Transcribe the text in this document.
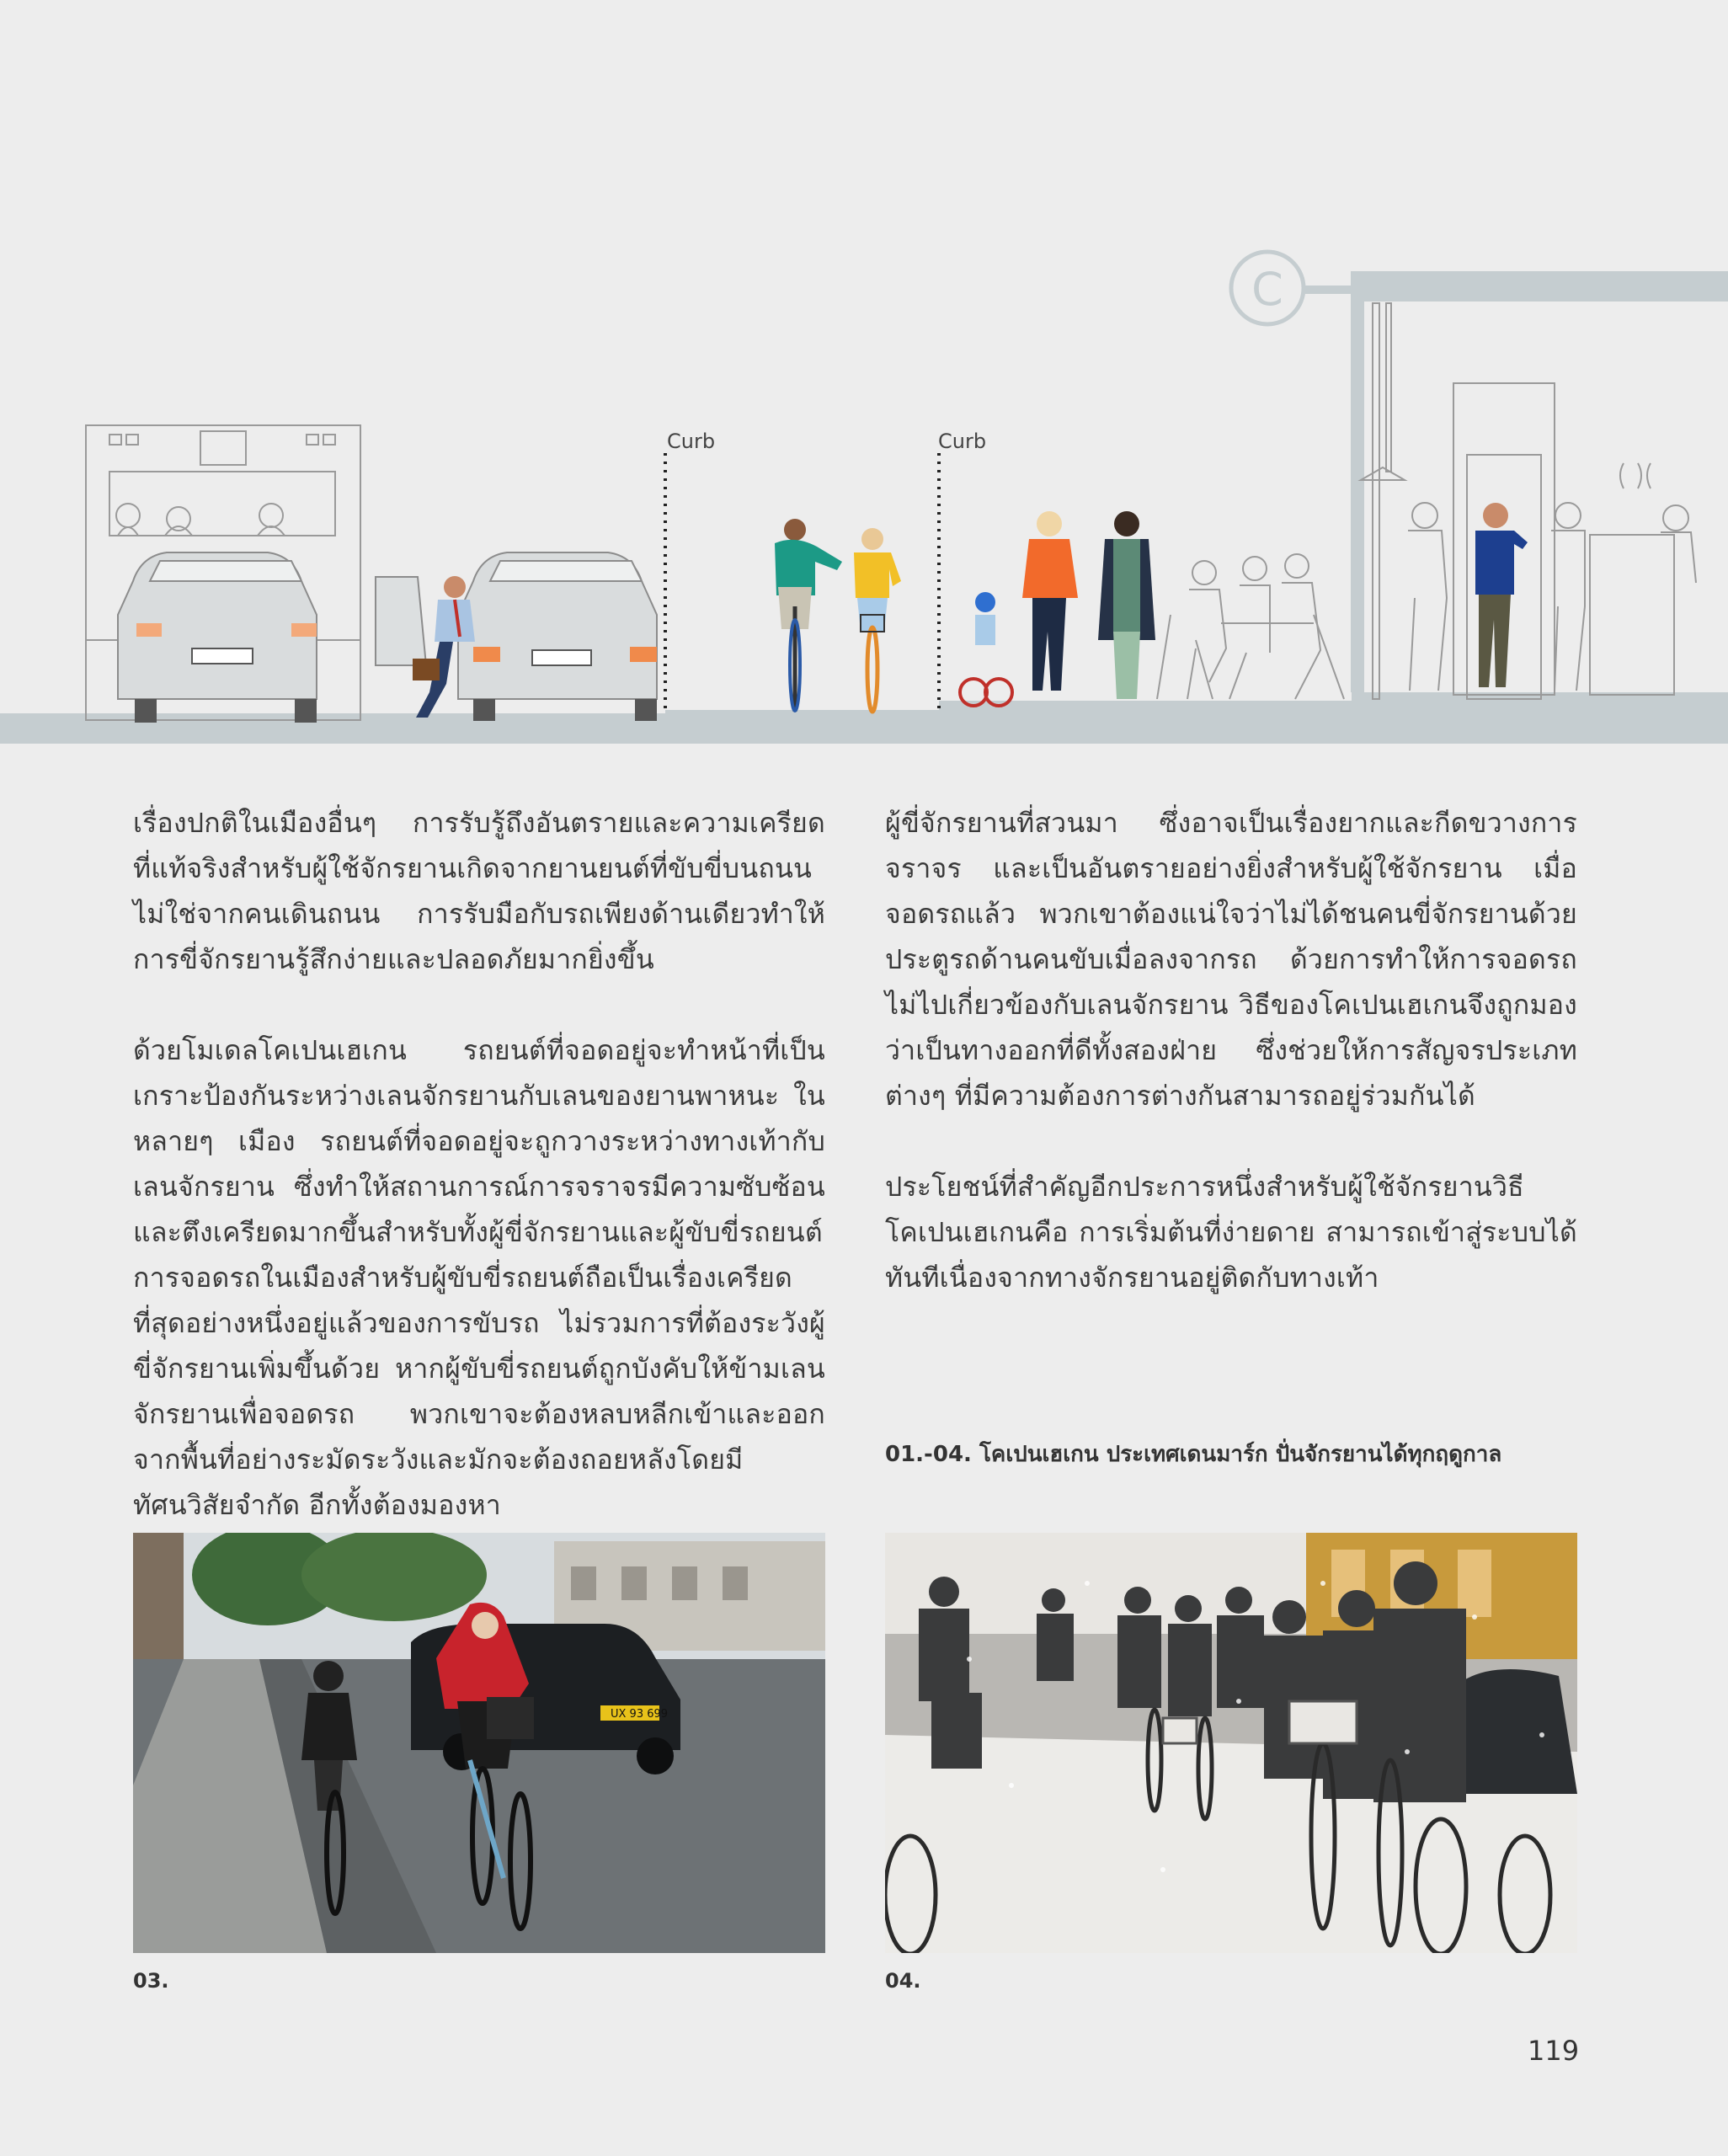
Curb	Curb
C

เรื่องปกติในเมืองอื่นๆ การรับรู้ถึงอันตรายและความเครียดที่แท้จริงสำหรับผู้ใช้จักรยานเกิดจากยานยนต์ที่ขับขี่บนถนน ไม่ใช่จากคนเดินถนน การรับมือกับรถเพียงด้านเดียวทำให้การขี่จักรยานรู้สึกง่ายและปลอดภัยมากยิ่งขึ้น

ด้วยโมเดลโคเปนเฮเกน รถยนต์ที่จอดอยู่จะทำหน้าที่เป็นเกราะป้องกันระหว่างเลนจักรยานกับเลนของยานพาหนะ ในหลายๆ เมือง รถยนต์ที่จอดอยู่จะถูกวางระหว่างทางเท้ากับเลนจักรยาน ซึ่งทำให้สถานการณ์การจราจรมีความซับซ้อนและตึงเครียดมากขึ้นสำหรับทั้งผู้ขี่จักรยานและผู้ขับขี่รถยนต์ การจอดรถในเมืองสำหรับผู้ขับขี่รถยนต์ถือเป็นเรื่องเครียดที่สุดอย่างหนึ่งอยู่แล้วของการขับรถ ไม่รวมการที่ต้องระวังผู้ขี่จักรยานเพิ่มขึ้นด้วย หากผู้ขับขี่รถยนต์ถูกบังคับให้ข้ามเลนจักรยานเพื่อจอดรถ พวกเขาจะต้องหลบหลีกเข้าและออกจากพื้นที่อย่างระมัดระวังและมักจะต้องถอยหลังโดยมีทัศนวิสัยจำกัด อีกทั้งต้องมองหา

ผู้ขี่จักรยานที่สวนมา ซึ่งอาจเป็นเรื่องยากและกีดขวางการจราจร และเป็นอันตรายอย่างยิ่งสำหรับผู้ใช้จักรยาน เมื่อจอดรถแล้ว พวกเขาต้องแน่ใจว่าไม่ได้ชนคนขี่จักรยานด้วยประตูรถด้านคนขับเมื่อลงจากรถ ด้วยการทำให้การจอดรถไม่ไปเกี่ยวข้องกับเลนจักรยาน วิธีของโคเปนเฮเกนจึงถูกมองว่าเป็นทางออกที่ดีทั้งสองฝ่าย ซึ่งช่วยให้การสัญจรประเภทต่างๆ ที่มีความต้องการต่างกันสามารถอยู่ร่วมกันได้

ประโยชน์ที่สำคัญอีกประการหนึ่งสำหรับผู้ใช้จักรยานวิธีโคเปนเฮเกนคือ การเริ่มต้นที่ง่ายดาย สามารถเข้าสู่ระบบได้ทันทีเนื่องจากทางจักรยานอยู่ติดกับทางเท้า

01.-04. โคเปนเฮเกน ประเทศเดนมาร์ก ปั่นจักรยานได้ทุกฤดูกาล
UX 93 699
03.	04.
119
